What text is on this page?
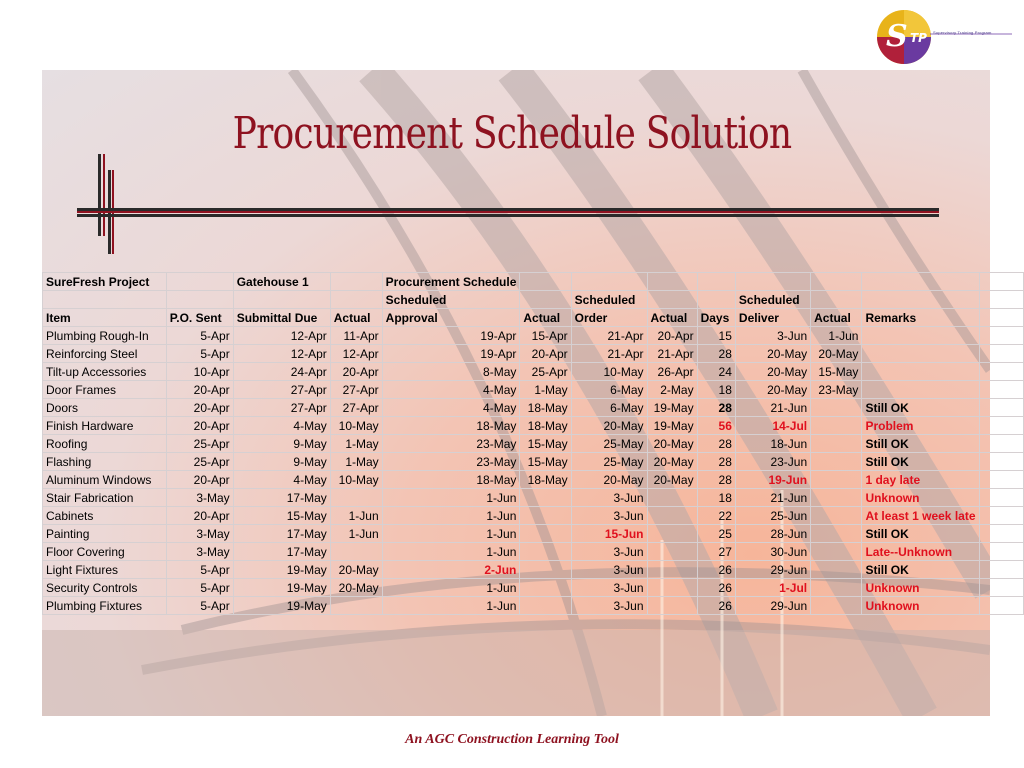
S TP Supervisory Training Program
Procurement Schedule Solution
SureFresh Project		Gatehouse 1		Procurement Schedule								
				Scheduled		Scheduled			Scheduled			
Item	P.O. Sent	Submittal Due	Actual	Approval	Actual	Order	Actual	Days	Deliver	Actual	Remarks	
Plumbing Rough-In	5-Apr	12-Apr	11-Apr	19-Apr	15-Apr	21-Apr	20-Apr	15	3-Jun	1-Jun		
Reinforcing Steel	5-Apr	12-Apr	12-Apr	19-Apr	20-Apr	21-Apr	21-Apr	28	20-May	20-May		
Tilt-up Accessories	10-Apr	24-Apr	20-Apr	8-May	25-Apr	10-May	26-Apr	24	20-May	15-May		
Door Frames	20-Apr	27-Apr	27-Apr	4-May	1-May	6-May	2-May	18	20-May	23-May		
Doors	20-Apr	27-Apr	27-Apr	4-May	18-May	6-May	19-May	28	21-Jun		Still OK	
Finish Hardware	20-Apr	4-May	10-May	18-May	18-May	20-May	19-May	56	14-Jul		Problem	
Roofing	25-Apr	9-May	1-May	23-May	15-May	25-May	20-May	28	18-Jun		Still OK	
Flashing	25-Apr	9-May	1-May	23-May	15-May	25-May	20-May	28	23-Jun		Still OK	
Aluminum Windows	20-Apr	4-May	10-May	18-May	18-May	20-May	20-May	28	19-Jun		1 day late	
Stair Fabrication	3-May	17-May		1-Jun		3-Jun		18	21-Jun		Unknown	
Cabinets	20-Apr	15-May	1-Jun	1-Jun		3-Jun		22	25-Jun		At least 1 week late	
Painting	3-May	17-May	1-Jun	1-Jun		15-Jun		25	28-Jun		Still OK	
Floor Covering	3-May	17-May		1-Jun		3-Jun		27	30-Jun		Late--Unknown	
Light Fixtures	5-Apr	19-May	20-May	2-Jun		3-Jun		26	29-Jun		Still OK	
Security Controls	5-Apr	19-May	20-May	1-Jun		3-Jun		26	1-Jul		Unknown	
Plumbing Fixtures	5-Apr	19-May		1-Jun		3-Jun		26	29-Jun		Unknown	
An AGC Construction Learning Tool
